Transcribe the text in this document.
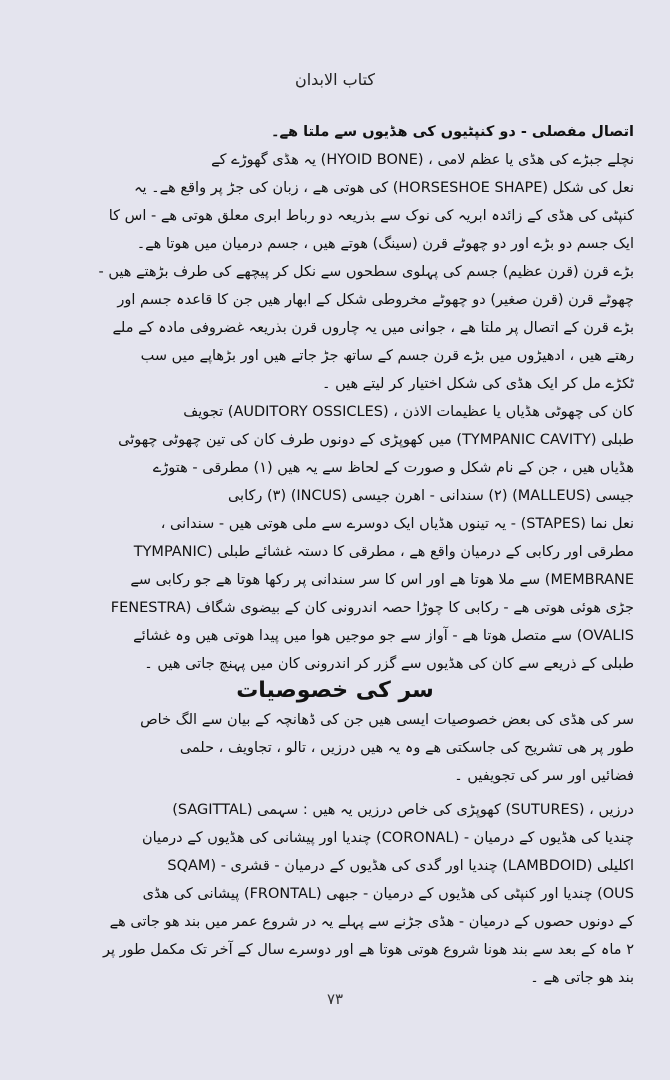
کتاب الابدان
اتصال مفصلی - دو کنپٹیوں کی ھڈیوں سے ملتا ھے۔
نچلے جبڑے کی ھڈی یا عظم لامی ، (HYOID BONE) یہ ھڈی گھوڑے کے
نعل کی شکل (HORSESHOE SHAPE) کی ھوتی ھے ، زبان کی جڑ پر واقع ھے۔ یہ
کنپٹی کی ھڈی کے زائدہ ابریہ کی نوک سے بذریعہ دو رباط ابری معلق ھوتی ھے - اس کا
ایک جسم دو بڑے اور دو چھوٹے قرن (سینگ) ھوتے ھیں ، جسم درمیان میں ھوتا ھے۔
بڑے قرن (قرن عظیم) جسم کی پہلوی سطحوں سے نکل کر پیچھے کی طرف بڑھتے ھیں -
چھوٹے قرن (قرن صغیر) دو چھوٹے مخروطی شکل کے ابھار ھیں جن کا قاعدہ جسم اور
بڑے قرن کے اتصال پر ملتا ھے ، جوانی میں یہ چاروں قرن بذریعہ غضروفی مادہ کے ملے
رھتے ھیں ، ادھیڑوں میں بڑے قرن جسم کے ساتھ جڑ جاتے ھیں اور بڑھاپے میں سب
ٹکڑے مل کر ایک ھڈی کی شکل اختیار کر لیتے ھیں ۔
کان کی چھوٹی ھڈیاں یا عظیمات الاذن ، (AUDITORY OSSICLES) تجویف
طبلی (TYMPANIC CAVITY) میں کھوپڑی کے دونوں طرف کان کی تین چھوٹی چھوٹی
ھڈیاں ھیں ، جن کے نام شکل و صورت کے لحاظ سے یہ ھیں (۱) مطرقی - ھتوڑے
جیسی (MALLEUS) (۲) سندانی - اھرن جیسی (INCUS) (۳) رکابی
نعل نما (STAPES) - یہ تینوں ھڈیاں ایک دوسرے سے ملی ھوتی ھیں - سندانی ،
مطرقی اور رکابی کے درمیان واقع ھے ، مطرقی کا دستہ غشائے طبلی (TYMPANIC
MEMBRANE) سے ملا ھوتا ھے اور اس کا سر سندانی پر رکھا ھوتا ھے جو رکابی سے
جڑی ھوئی ھوتی ھے - رکابی کا چوڑا حصہ اندرونی کان کے بیضوی شگاف (FENESTRA
OVALIS) سے متصل ھوتا ھے - آواز سے جو موجیں ھوا میں پیدا ھوتی ھیں وہ غشائے
طبلی کے ذریعے سے کان کی ھڈیوں سے گزر کر اندرونی کان میں پہنچ جاتی ھیں ۔
سر کی خصوصیات
سر کی ھڈی کی بعض خصوصیات ایسی ھیں جن کی ڈھانچہ کے بیان سے الگ خاص
طور پر ھی تشریح کی جاسکتی ھے وہ یہ ھیں درزیں ، تالو ، تجاویف ، حلمی
فضائیں اور سر کی تجویفیں ۔
درزیں ، (SUTURES) کھوپڑی کی خاص درزیں یہ ھیں : سہمی (SAGITTAL)
چندیا کی ھڈیوں کے درمیان - (CORONAL) چندیا اور پیشانی کی ھڈیوں کے درمیان
اکلیلی (LAMBDOID) چندیا اور گدی کی ھڈیوں کے درمیان - قشری - (SQAM
OUS) چندیا اور کنپٹی کی ھڈیوں کے درمیان - جبھی (FRONTAL) پیشانی کی ھڈی
کے دونوں حصوں کے درمیان - ھڈی جڑنے سے پہلے یہ در شروع عمر میں بند ھو جاتی ھے
۲ ماہ کے بعد سے بند ھونا شروع ھوتی ھوتا ھے اور دوسرے سال کے آخر تک مکمل طور پر
بند ھو جاتی ھے ۔
۷۳
